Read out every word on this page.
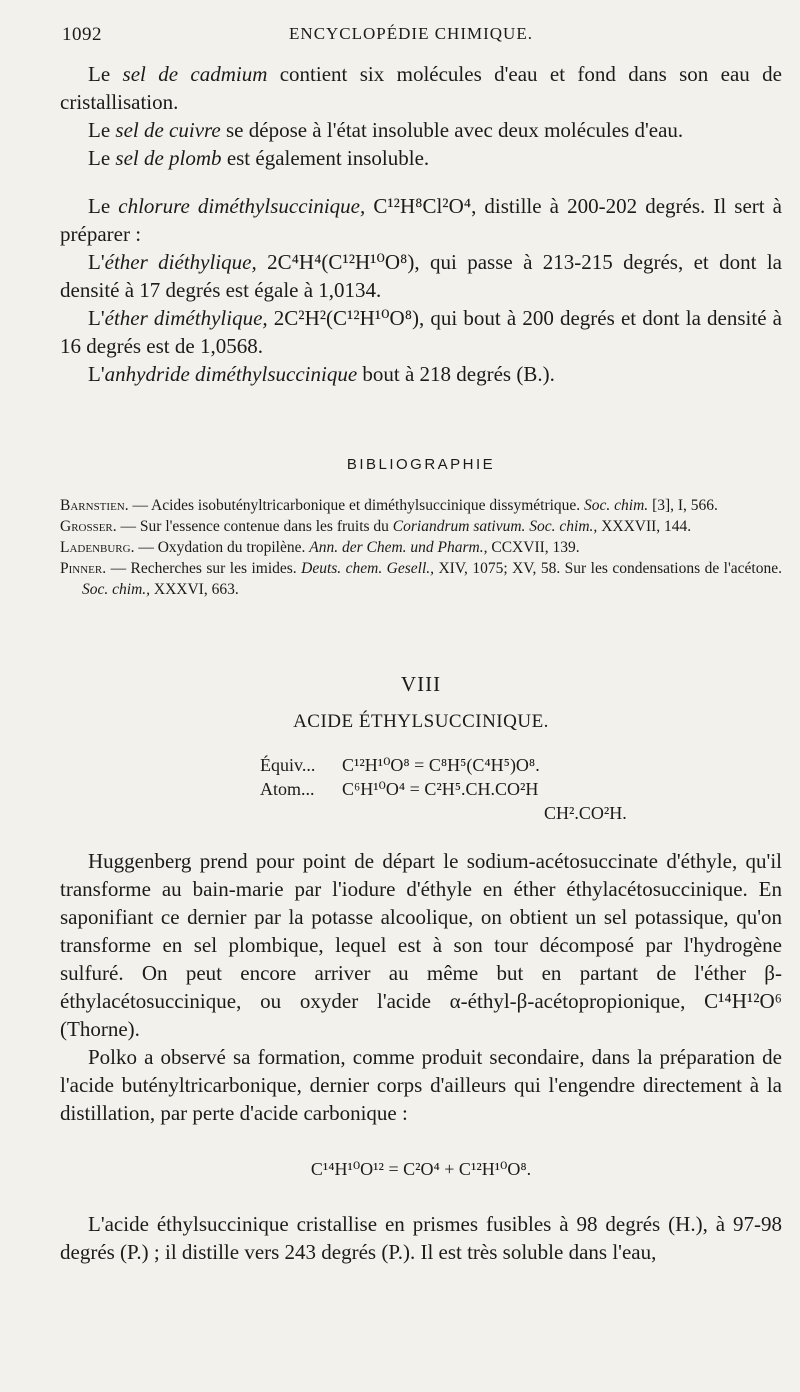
1092	ENCYCLOPÉDIE CHIMIQUE.

Le sel de cadmium contient six molécules d'eau et fond dans son eau de cristallisation.

Le sel de cuivre se dépose à l'état insoluble avec deux molécules d'eau.

Le sel de plomb est également insoluble.

Le chlorure diméthylsuccinique, C¹²H⁸Cl²O⁴, distille à 200-202 degrés. Il sert à préparer :

L'éther diéthylique, 2C⁴H⁴(C¹²H¹⁰O⁸), qui passe à 213-215 degrés, et dont la densité à 17 degrés est égale à 1,0134.

L'éther diméthylique, 2C²H²(C¹²H¹⁰O⁸), qui bout à 200 degrés et dont la densité à 16 degrés est de 1,0568.

L'anhydride diméthylsuccinique bout à 218 degrés (B.).

BIBLIOGRAPHIE

Barnstien. — Acides isobutényltricarbonique et diméthylsuccinique dissymétrique. Soc. chim. [3], I, 566.

Grosser. — Sur l'essence contenue dans les fruits du Coriandrum sativum. Soc. chim., XXXVII, 144.

Ladenburg. — Oxydation du tropilène. Ann. der Chem. und Pharm., CCXVII, 139.

Pinner. — Recherches sur les imides. Deuts. chem. Gesell., XIV, 1075; XV, 58. Sur les condensations de l'acétone. Soc. chim., XXXVI, 663.

VIII
ACIDE ÉTHYLSUCCINIQUE.
Équiv... C¹²H¹⁰O⁸ = C⁸H⁵(C⁴H⁵)O⁸.
Atom... C⁶H¹⁰O⁴ = C²H⁵.CH.CO²H
CH².CO²H.

Huggenberg prend pour point de départ le sodium-acétosuccinate d'éthyle, qu'il transforme au bain-marie par l'iodure d'éthyle en éther éthylacétosuccinique. En saponifiant ce dernier par la potasse alcoolique, on obtient un sel potassique, qu'on transforme en sel plombique, lequel est à son tour décomposé par l'hydrogène sulfuré. On peut encore arriver au même but en partant de l'éther β-éthylacétosuccinique, ou oxyder l'acide α-éthyl-β-acétopropionique, C¹⁴H¹²O⁶ (Thorne).

Polko a observé sa formation, comme produit secondaire, dans la préparation de l'acide butényltricarbonique, dernier corps d'ailleurs qui l'engendre directement à la distillation, par perte d'acide carbonique :

C¹⁴H¹⁰O¹² = C²O⁴ + C¹²H¹⁰O⁸.

L'acide éthylsuccinique cristallise en prismes fusibles à 98 degrés (H.), à 97-98 degrés (P.) ; il distille vers 243 degrés (P.). Il est très soluble dans l'eau,
